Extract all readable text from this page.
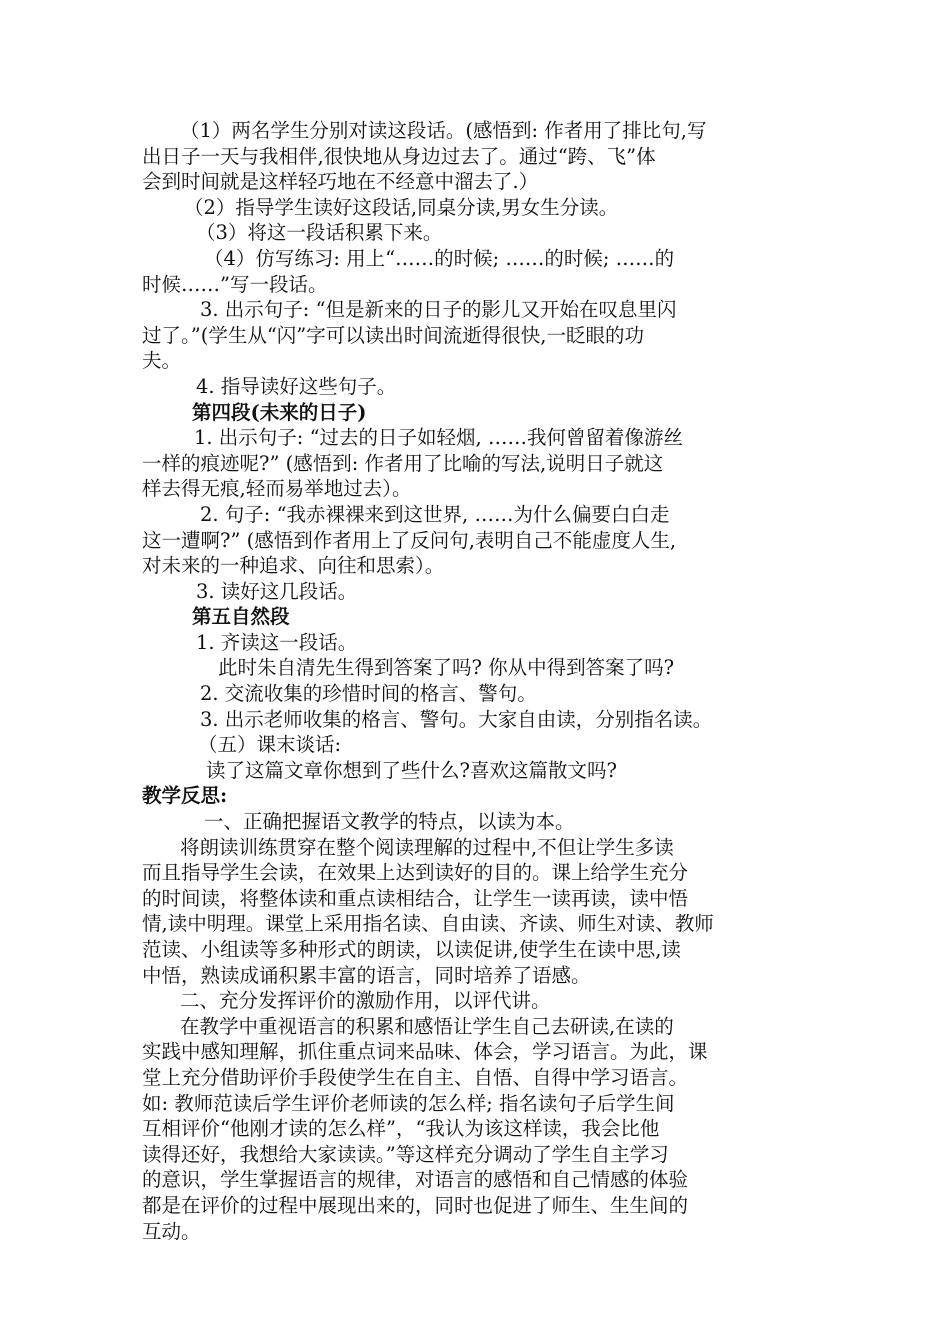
（1）两名学生分别对读这段话。(感悟到: 作者用了排比句,写
出日子一天与我相伴,很快地从身边过去了。通过“跨、飞”体
会到时间就是这样轻巧地在不经意中溜去了.）
（2）指导学生读好这段话,同桌分读,男女生分读。
（3）将这一段话积累下来。
（4）仿写练习: 用上“……的时候; ……的时候; ……的
时候……”写一段话。
3. 出示句子: “但是新来的日子的影儿又开始在叹息里闪
过了。”(学生从“闪”字可以读出时间流逝得很快,一眨眼的功
夫。
4. 指导读好这些句子。
第四段(未来的日子)
1. 出示句子: “过去的日子如轻烟, ……我何曾留着像游丝
一样的痕迹呢?” (感悟到: 作者用了比喻的写法,说明日子就这
样去得无痕,轻而易举地过去）。
2. 句子: “我赤裸裸来到这世界, ……为什么偏要白白走
这一遭啊?” (感悟到作者用上了反问句,表明自己不能虚度人生,
对未来的一种追求、向往和思索）。
3. 读好这几段话。
第五自然段
1. 齐读这一段话。
此时朱自清先生得到答案了吗? 你从中得到答案了吗?
2. 交流收集的珍惜时间的格言、警句。
3. 出示老师收集的格言、警句。大家自由读，分别指名读。
（五）课末谈话:
读了这篇文章你想到了些什么?喜欢这篇散文吗?
教学反思:
一、正确把握语文教学的特点，以读为本。
将朗读训练贯穿在整个阅读理解的过程中,不但让学生多读
而且指导学生会读，在效果上达到读好的目的。课上给学生充分
的时间读，将整体读和重点读相结合，让学生一读再读，读中悟
情,读中明理。课堂上采用指名读、自由读、齐读、师生对读、教师
范读、小组读等多种形式的朗读，以读促讲,使学生在读中思,读
中悟，熟读成诵积累丰富的语言，同时培养了语感。
二、充分发挥评价的激励作用，以评代讲。
在教学中重视语言的积累和感悟让学生自己去研读,在读的
实践中感知理解，抓住重点词来品味、体会，学习语言。为此，课
堂上充分借助评价手段使学生在自主、自悟、自得中学习语言。
如: 教师范读后学生评价老师读的怎么样; 指名读句子后学生间
互相评价“他刚才读的怎么样”，“我认为该这样读，我会比他
读得还好，我想给大家读读。”等这样充分调动了学生自主学习
的意识，学生掌握语言的规律，对语言的感悟和自己情感的体验
都是在评价的过程中展现出来的，同时也促进了师生、生生间的
互动。
